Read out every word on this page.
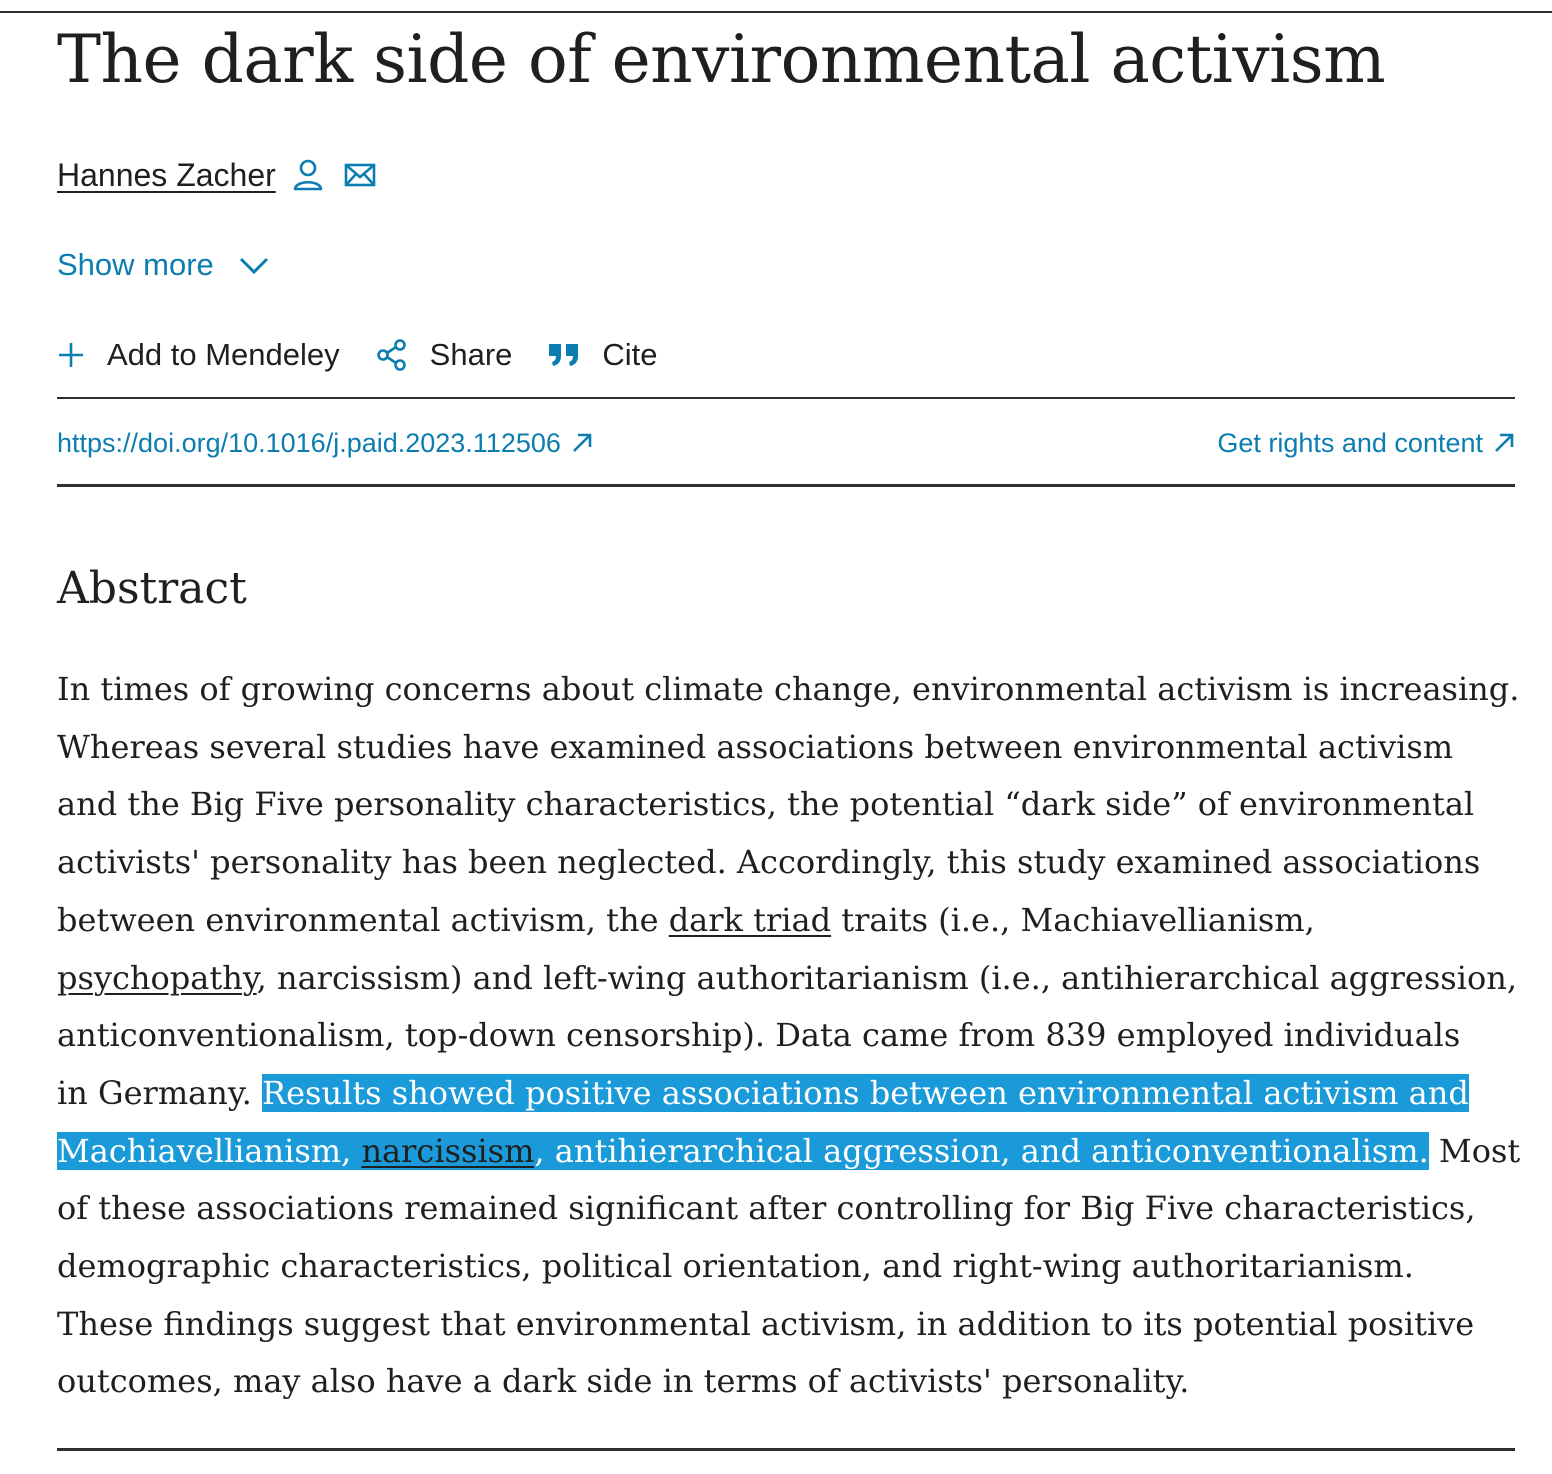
The dark side of environmental activism
Hannes Zacher
Show more
Add to Mendeley	Share	Cite
https://doi.org/10.1016/j.paid.2023.112506	Get rights and content
Abstract

In times of growing concerns about climate change, environmental activism is increasing.
Whereas several studies have examined associations between environmental activism
and the Big Five personality characteristics, the potential “dark side” of environmental
activists' personality has been neglected. Accordingly, this study examined associations
between environmental activism, the dark triad traits (i.e., Machiavellianism,
psychopathy, narcissism) and left-wing authoritarianism (i.e., antihierarchical aggression,
anticonventionalism, top-down censorship). Data came from 839 employed individuals
in Germany. Results showed positive associations between environmental activism and
Machiavellianism, narcissism, antihierarchical aggression, and anticonventionalism. Most
of these associations remained significant after controlling for Big Five characteristics,
demographic characteristics, political orientation, and right-wing authoritarianism.
These findings suggest that environmental activism, in addition to its potential positive
outcomes, may also have a dark side in terms of activists' personality.
